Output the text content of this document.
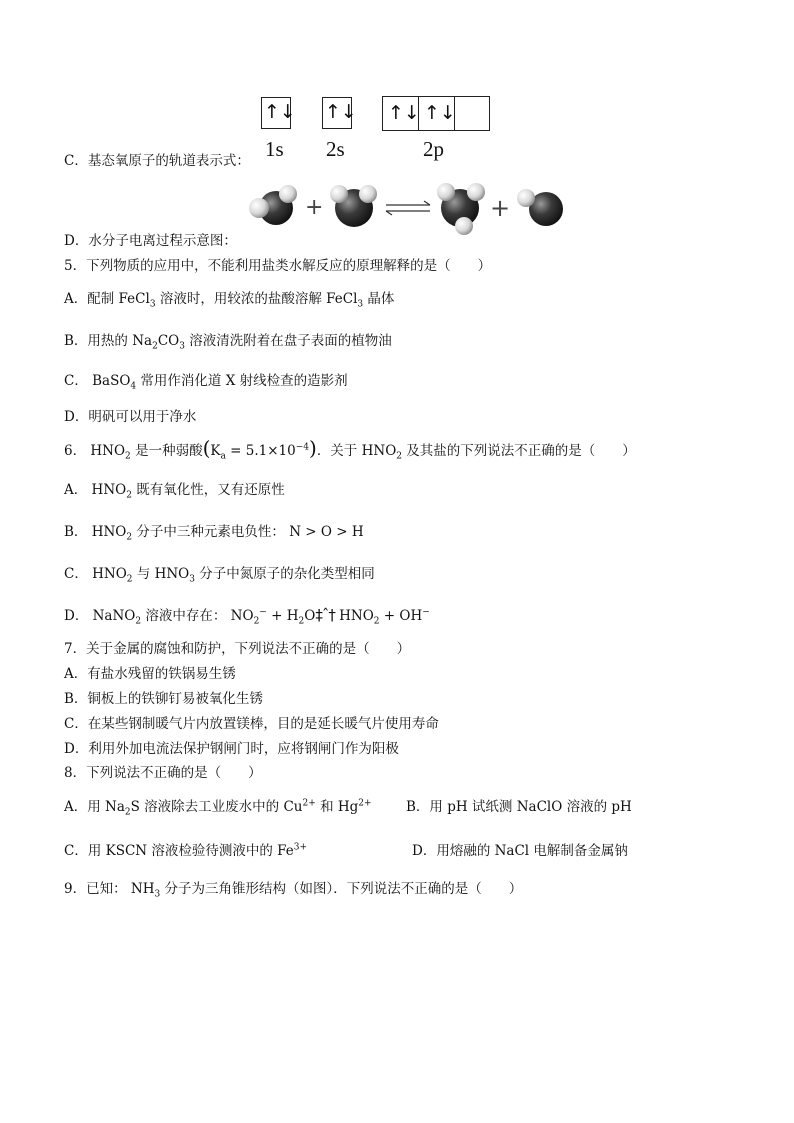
↑↓ ↑↓ ↑↓ ↑↓
1s 2s	2p
C．基态氧原子的轨道表示式：
+	+
D．水分子电离过程示意图：
5．下列物质的应用中，不能利用盐类水解反应的原理解释的是（　　）
A．配制 FeCl$_3$ 溶液时，用较浓的盐酸溶解 FeCl$_3$ 晶体
B．用热的 $Na_2CO_3$ 溶液清洗附着在盘子表面的植物油
C． BaSO$_4$ 常用作消化道 X 射线检查的造影剂
D．明矾可以用于净水
6． $HNO_2$ 是一种弱酸$(K_a = 5.1\times 10^{-4})$．关于 $HNO_2$ 及其盐的下列说法不正确的是（　　）
A． $HNO_2$ 既有氧化性，又有还原性
B． $HNO_2$ 分子中三种元素电负性： N > O > H
C． $HNO_2$ 与 $HNO_3$ 分子中氮原子的杂化类型相同
D． NaNO$_2$ 溶液中存在： $NO_2^-$ + $H_2O\ddagger ˆ\dagger$ $HNO_2 + OH^-$
7．关于金属的腐蚀和防护，下列说法不正确的是（　　）
A．有盐水残留的铁锅易生锈
B．铜板上的铁铆钉易被氧化生锈
C．在某些钢制暖气片内放置镁棒，目的是延长暖气片使用寿命
D．利用外加电流法保护钢闸门时，应将钢闸门作为阳极
8．下列说法不正确的是（　　）
A．用 $Na_2S$ 溶液除去工业废水中的 $Cu^{2+}$ 和 $Hg^{2+}$	B．用 pH 试纸测 NaClO 溶液的 pH
C．用 KSCN 溶液检验待测液中的 $Fe^{3+}$	D．用熔融的 NaCl 电解制备金属钠
9．已知： $NH_3$ 分子为三角锥形结构（如图）．下列说法不正确的是（　　）
